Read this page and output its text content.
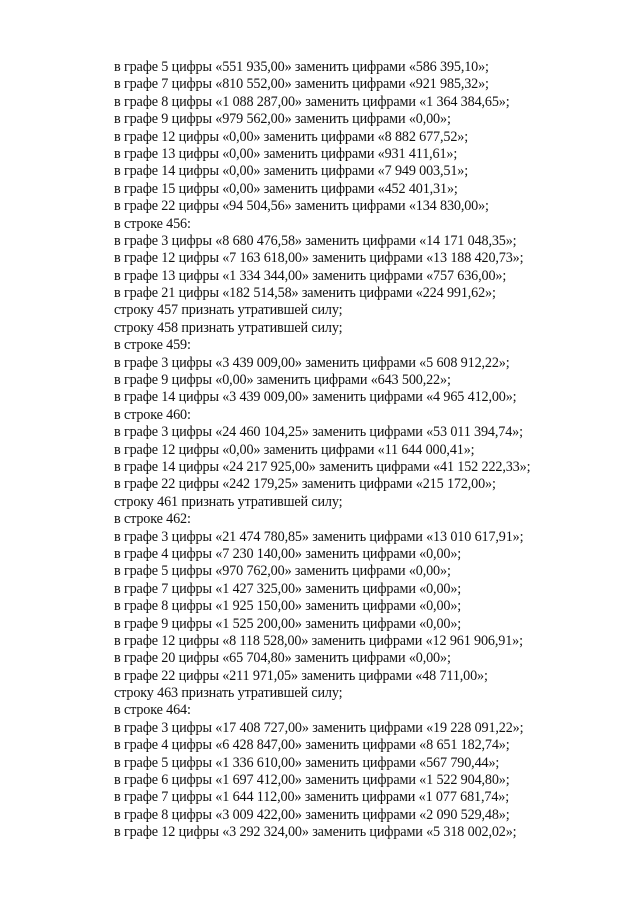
в графе 5 цифры «551 935,00» заменить цифрами «586 395,10»;
в графе 7 цифры «810 552,00» заменить цифрами «921 985,32»;
в графе 8 цифры «1 088 287,00» заменить цифрами «1 364 384,65»;
в графе 9 цифры «979 562,00» заменить цифрами «0,00»;
в графе 12 цифры «0,00» заменить цифрами «8 882 677,52»;
в графе 13 цифры «0,00» заменить цифрами «931 411,61»;
в графе 14 цифры «0,00» заменить цифрами «7 949 003,51»;
в графе 15 цифры «0,00» заменить цифрами «452 401,31»;
в графе 22 цифры «94 504,56» заменить цифрами «134 830,00»;
в строке 456:
в графе 3 цифры «8 680 476,58» заменить цифрами «14 171 048,35»;
в графе 12 цифры «7 163 618,00» заменить цифрами «13 188 420,73»;
в графе 13 цифры «1 334 344,00» заменить цифрами «757 636,00»;
в графе 21 цифры «182 514,58» заменить цифрами «224 991,62»;
строку 457 признать утратившей силу;
строку 458 признать утратившей силу;
в строке 459:
в графе 3 цифры «3 439 009,00» заменить цифрами «5 608 912,22»;
в графе 9 цифры «0,00» заменить цифрами «643 500,22»;
в графе 14 цифры «3 439 009,00» заменить цифрами «4 965 412,00»;
в строке 460:
в графе 3 цифры «24 460 104,25» заменить цифрами «53 011 394,74»;
в графе 12 цифры «0,00» заменить цифрами «11 644 000,41»;
в графе 14 цифры «24 217 925,00» заменить цифрами «41 152 222,33»;
в графе 22 цифры «242 179,25» заменить цифрами «215 172,00»;
строку 461 признать утратившей силу;
в строке 462:
в графе 3 цифры «21 474 780,85» заменить цифрами «13 010 617,91»;
в графе 4 цифры «7 230 140,00» заменить цифрами «0,00»;
в графе 5 цифры «970 762,00» заменить цифрами «0,00»;
в графе 7 цифры «1 427 325,00» заменить цифрами «0,00»;
в графе 8 цифры «1 925 150,00» заменить цифрами «0,00»;
в графе 9 цифры «1 525 200,00» заменить цифрами «0,00»;
в графе 12 цифры «8 118 528,00» заменить цифрами «12 961 906,91»;
в графе 20 цифры «65 704,80» заменить цифрами «0,00»;
в графе 22 цифры «211 971,05» заменить цифрами «48 711,00»;
строку 463 признать утратившей силу;
в строке 464:
в графе 3 цифры «17 408 727,00» заменить цифрами «19 228 091,22»;
в графе 4 цифры «6 428 847,00» заменить цифрами «8 651 182,74»;
в графе 5 цифры «1 336 610,00» заменить цифрами «567 790,44»;
в графе 6 цифры «1 697 412,00» заменить цифрами «1 522 904,80»;
в графе 7 цифры «1 644 112,00» заменить цифрами «1 077 681,74»;
в графе 8 цифры «3 009 422,00» заменить цифрами «2 090 529,48»;
в графе 12 цифры «3 292 324,00» заменить цифрами «5 318 002,02»;
